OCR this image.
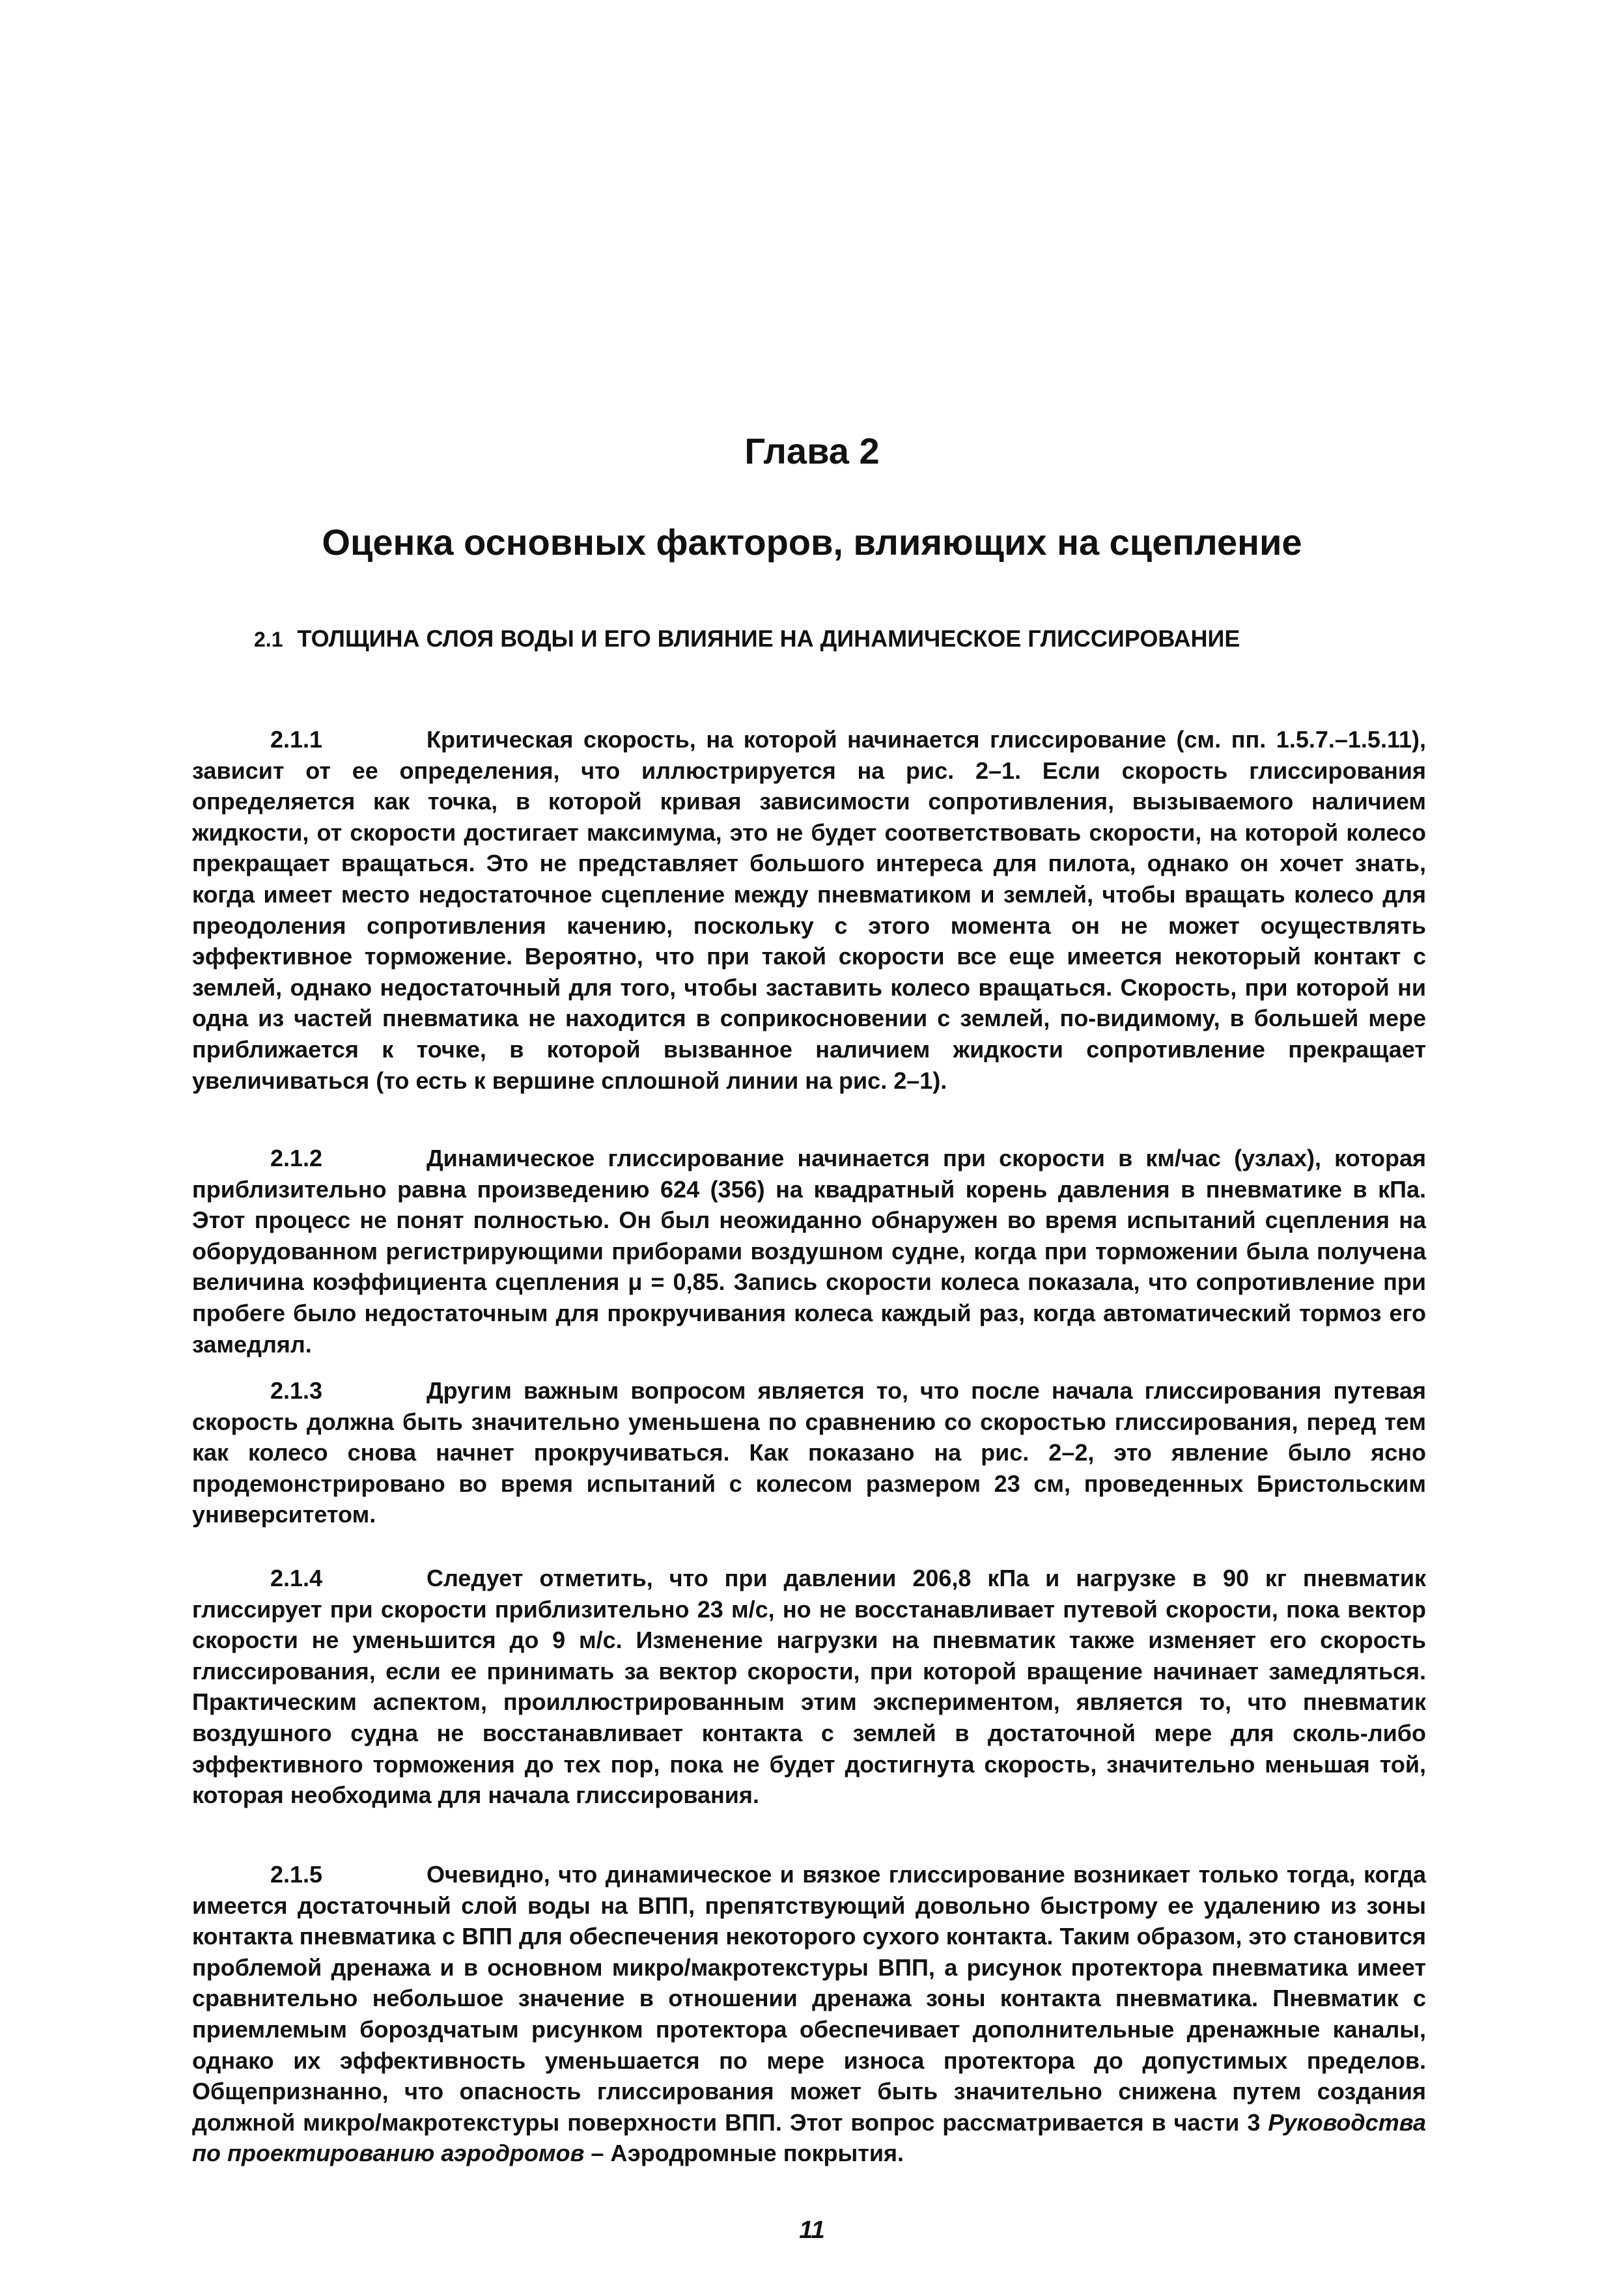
Глава 2
Оценка основных факторов, влияющих на сцепление
2.1 ТОЛЩИНА СЛОЯ ВОДЫ И ЕГО ВЛИЯНИЕ НА ДИНАМИЧЕСКОЕ ГЛИССИРОВАНИЕ
2.1.1	Критическая скорость, на которой начинается глиссирование (см. пп. 1.5.7.–1.5.11), зависит от ее определения, что иллюстрируется на рис. 2–1. Если скорость глиссирования определяется как точка, в которой кривая зависимости сопротивления, вызываемого наличием жидкости, от скорости достигает максимума, это не будет соответствовать скорости, на которой колесо прекращает вращаться. Это не представляет большого интереса для пилота, однако он хочет знать, когда имеет место недостаточное сцепление между пневматиком и землей, чтобы вращать колесо для преодоления сопротивления качению, поскольку с этого момента он не может осуществлять эффективное торможение. Вероятно, что при такой скорости все еще имеется некоторый контакт с землей, однако недостаточный для того, чтобы заставить колесо вращаться. Скорость, при которой ни одна из частей пневматика не находится в соприкосновении с землей, по-видимому, в большей мере приближается к точке, в которой вызванное наличием жидкости сопротивление прекращает увеличиваться (то есть к вершине сплошной линии на рис. 2–1).
2.1.2	Динамическое глиссирование начинается при скорости в км/час (узлах), которая приблизительно равна произведению 624 (356) на квадратный корень давления в пневматике в кПа. Этот процесс не понят полностью. Он был неожиданно обнаружен во время испытаний сцепления на оборудованном регистрирующими приборами воздушном судне, когда при торможении была получена величина коэффициента сцепления μ = 0,85. Запись скорости колеса показала, что сопротивление при пробеге было недостаточным для прокручивания колеса каждый раз, когда автоматический тормоз его замедлял.
2.1.3	Другим важным вопросом является то, что после начала глиссирования путевая скорость должна быть значительно уменьшена по сравнению со скоростью глиссирования, перед тем как колесо снова начнет прокручиваться. Как показано на рис. 2–2, это явление было ясно продемонстрировано во время испытаний с колесом размером 23 см, проведенных Бристольским университетом.
2.1.4	Следует отметить, что при давлении 206,8 кПа и нагрузке в 90 кг пневматик глиссирует при скорости приблизительно 23 м/с, но не восстанавливает путевой скорости, пока вектор скорости не уменьшится до 9 м/с. Изменение нагрузки на пневматик также изменяет его скорость глиссирования, если ее принимать за вектор скорости, при которой вращение начинает замедляться. Практическим аспектом, проиллюстрированным этим экспериментом, является то, что пневматик воздушного судна не восстанавливает контакта с землей в достаточной мере для сколь-либо эффективного торможения до тех пор, пока не будет достигнута скорость, значительно меньшая той, которая необходима для начала глиссирования.
2.1.5	Очевидно, что динамическое и вязкое глиссирование возникает только тогда, когда имеется достаточный слой воды на ВПП, препятствующий довольно быстрому ее удалению из зоны контакта пневматика с ВПП для обеспечения некоторого сухого контакта. Таким образом, это становится проблемой дренажа и в основном микро/макротекстуры ВПП, а рисунок протектора пневматика имеет сравнительно небольшое значение в отношении дренажа зоны контакта пневматика. Пневматик с приемлемым бороздчатым рисунком протектора обеспечивает дополнительные дренажные каналы, однако их эффективность уменьшается по мере износа протектора до допустимых пределов. Общепризнанно, что опасность глиссирования может быть значительно снижена путем создания должной микро/макротекстуры поверхности ВПП. Этот вопрос рассматривается в части 3 Руководства по проектированию аэродромов – Аэродромные покрытия.
11
